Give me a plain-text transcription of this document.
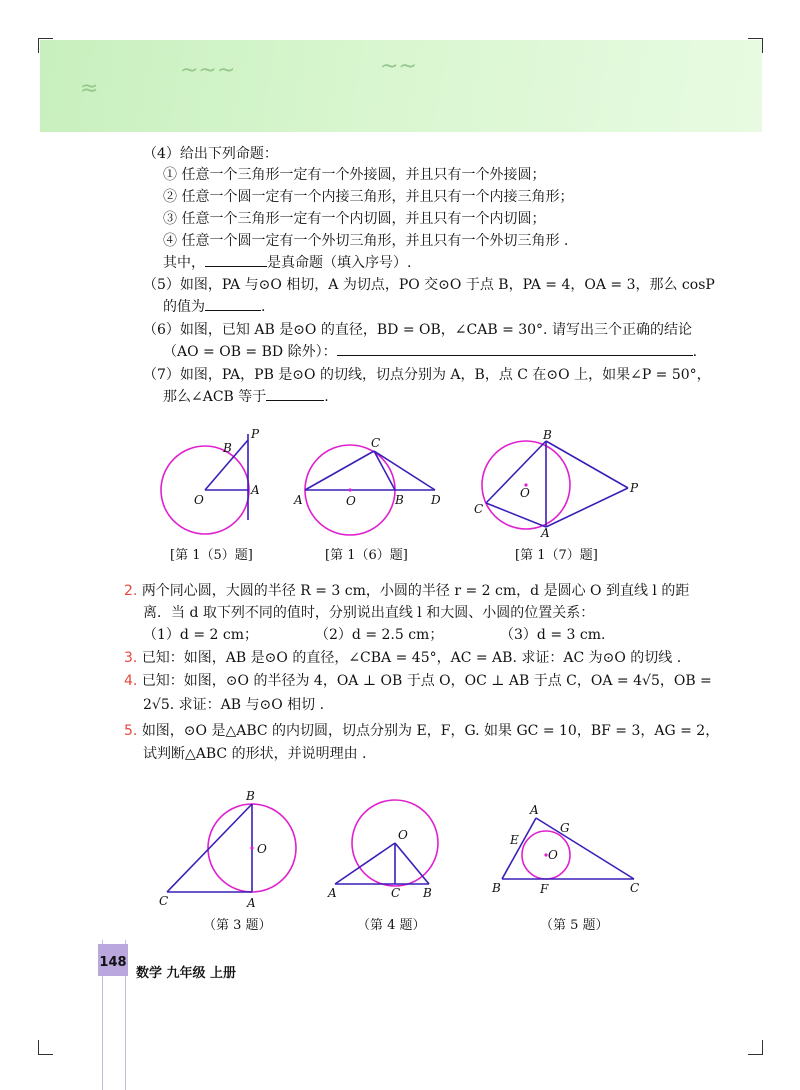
≈
~~~	~~
（4）给出下列命题：
① 任意一个三角形一定有一个外接圆，并且只有一个外接圆；
② 任意一个圆一定有一个内接三角形，并且只有一个内接三角形；
③ 任意一个三角形一定有一个内切圆，并且只有一个内切圆；
④ 任意一个圆一定有一个外切三角形，并且只有一个外切三角形 .
其中，	是真命题（填入序号）.
（5）如图，PA 与⊙O 相切，A 为切点，PO 交⊙O 于点 B，PA = 4，OA = 3，那么 cosP
的值为	.
（6）如图，已知 AB 是⊙O 的直径，BD = OB，∠CAB = 30°. 请写出三个正确的结论
（AO = OB = BD 除外）：	.
（7）如图，PA，PB 是⊙O 的切线，切点分别为 A，B，点 C 在⊙O 上，如果∠P = 50°，
那么∠ACB 等于	.
B
P
O
A
[第 1（5）题]
C
A	O	B D
[第 1（6）题]
B
O	P
C
A
[第 1（7）题]
2. 两个同心圆，大圆的半径 R = 3 cm，小圆的半径 r = 2 cm，d 是圆心 O 到直线 l 的距
离．当 d 取下列不同的值时，分别说出直线 l 和大圆、小圆的位置关系：
（1）d = 2 cm；	（2）d = 2.5 cm；	（3）d = 3 cm.
3. 已知：如图，AB 是⊙O 的直径，∠CBA = 45°，AC = AB. 求证：AC 为⊙O 的切线 .
4. 已知：如图，⊙O 的半径为 4，OA ⊥ OB 于点 O，OC ⊥ AB 于点 C，OA = 4√5，OB =
2√5. 求证：AB 与⊙O 相切 .
5. 如图，⊙O 是△ABC 的内切圆，切点分别为 E，F，G. 如果 GC = 10，BF = 3，AG = 2，
试判断△ABC 的形状，并说明理由 .
B
O
C	A
（第 3 题）
O
A	C B
（第 4 题）
A
G
E
O
B	F	C
（第 5 题）
148
数学 九年级 上册
